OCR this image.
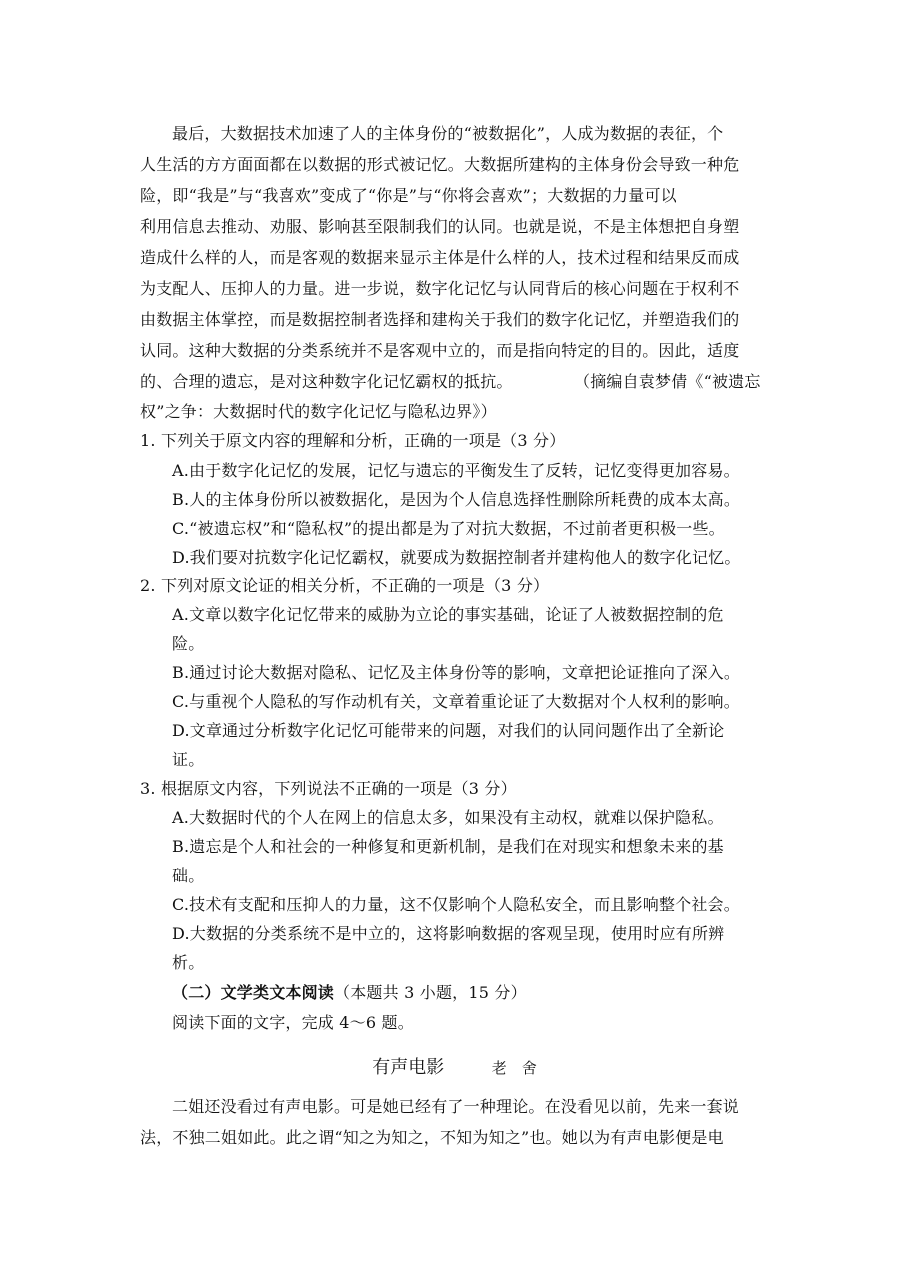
最后，大数据技术加速了人的主体身份的“被数据化”，人成为数据的表征，个
人生活的方方面面都在以数据的形式被记忆。大数据所建构的主体身份会导致一种危
险，即“我是”与“我喜欢”变成了“你是”与“你将会喜欢”；大数据的力量可以
利用信息去推动、劝服、影响甚至限制我们的认同。也就是说，不是主体想把自身塑
造成什么样的人，而是客观的数据来显示主体是什么样的人，技术过程和结果反而成
为支配人、压抑人的力量。进一步说，数字化记忆与认同背后的核心问题在于权利不
由数据主体掌控，而是数据控制者选择和建构关于我们的数字化记忆，并塑造我们的
认同。这种大数据的分类系统并不是客观中立的，而是指向特定的目的。因此，适度
的、合理的遗忘，是对这种数字化记忆霸权的抵抗。	（摘编自袁梦倩《“被遗忘
权”之争：大数据时代的数字化记忆与隐私边界》）
1. 下列关于原文内容的理解和分析，正确的一项是（3 分）
A.由于数字化记忆的发展，记忆与遗忘的平衡发生了反转，记忆变得更加容易。
B.人的主体身份所以被数据化，是因为个人信息选择性删除所耗费的成本太高。
C.“被遗忘权”和“隐私权”的提出都是为了对抗大数据，不过前者更积极一些。
D.我们要对抗数字化记忆霸权，就要成为数据控制者并建构他人的数字化记忆。
2. 下列对原文论证的相关分析，不正确的一项是（3 分）
A.文章以数字化记忆带来的威胁为立论的事实基础，论证了人被数据控制的危
险。
B.通过讨论大数据对隐私、记忆及主体身份等的影响，文章把论证推向了深入。
C.与重视个人隐私的写作动机有关，文章着重论证了大数据对个人权利的影响。
D.文章通过分析数字化记忆可能带来的问题，对我们的认同问题作出了全新论
证。
3. 根据原文内容，下列说法不正确的一项是（3 分）
A.大数据时代的个人在网上的信息太多，如果没有主动权，就难以保护隐私。
B.遗忘是个人和社会的一种修复和更新机制，是我们在对现实和想象未来的基
础。
C.技术有支配和压抑人的力量，这不仅影响个人隐私安全，而且影响整个社会。
D.大数据的分类系统不是中立的，这将影响数据的客观呈现，使用时应有所辨
析。
（二）文学类文本阅读（本题共 3 小题，15 分）
阅读下面的文字，完成 4～6 题。
有声电影	老　舍
二姐还没看过有声电影。可是她已经有了一种理论。在没看见以前，先来一套说
法，不独二姐如此。此之谓“知之为知之，不知为知之”也。她以为有声电影便是电
